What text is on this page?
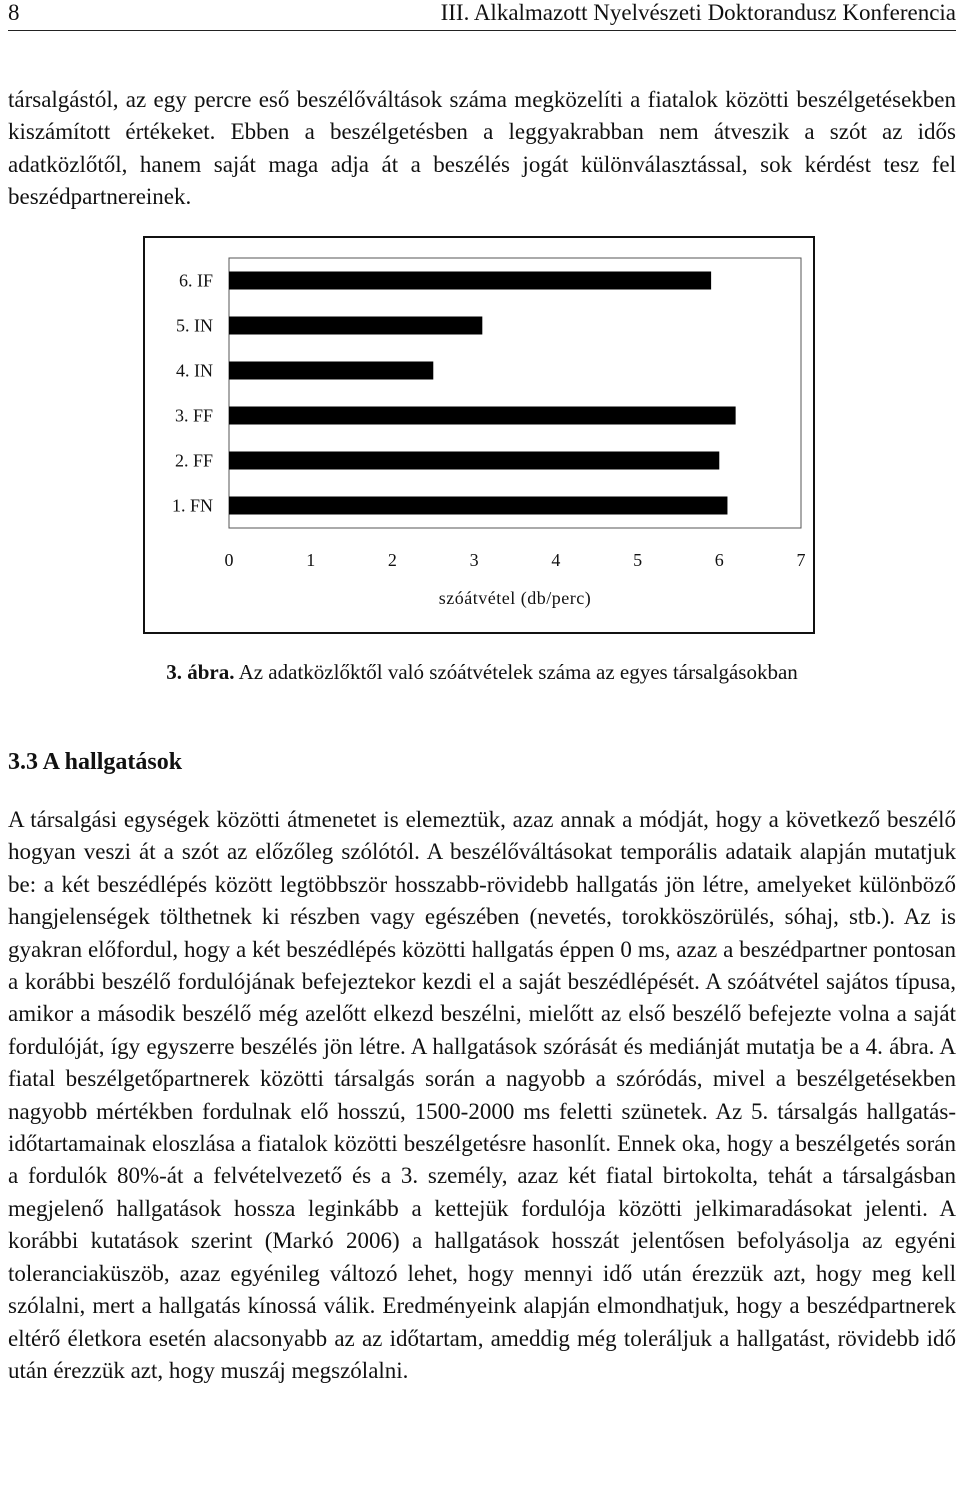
8	III. Alkalmazott Nyelvészeti Doktorandusz Konferencia

társalgástól, az egy percre eső beszélőváltások száma megközelíti a fiatalok közötti beszélgetésekben kiszámított értékeket. Ebben a beszélgetésben a leggyakrabban nem átveszik a szót az idős adatközlőtől, hanem saját maga adja át a beszélés jogát különválasztással, sok kérdést tesz fel beszédpartnereinek.

6. IF
5. IN
4. IN
3. FF
2. FF
1. FN
0	1	2	3	4	5	6	7
szóátvétel (db/perc)
3. ábra. Az adatközlőktől való szóátvételek száma az egyes társalgásokban
3.3 A hallgatások

A társalgási egységek közötti átmenetet is elemeztük, azaz annak a módját, hogy a következő beszélő hogyan veszi át a szót az előzőleg szólótól. A beszélőváltásokat temporális adataik alapján mutatjuk be: a két beszédlépés között legtöbbször hosszabb-rövidebb hallgatás jön létre, amelyeket különböző hangjelenségek tölthetnek ki részben vagy egészében (nevetés, torokköszörülés, sóhaj, stb.). Az is gyakran előfordul, hogy a két beszédlépés közötti hallgatás éppen 0 ms, azaz a beszédpartner pontosan a korábbi beszélő fordulójának befejeztekor kezdi el a saját beszédlépését. A szóátvétel sajátos típusa, amikor a második beszélő még azelőtt elkezd beszélni, mielőtt az első beszélő befejezte volna a saját fordulóját, így egyszerre beszélés jön létre. A hallgatások szórását és mediánját mutatja be a 4. ábra. A fiatal beszélgetőpartnerek közötti társalgás során a nagyobb a szóródás, mivel a beszélgetésekben nagyobb mértékben fordulnak elő hosszú, 1500-2000 ms feletti szünetek. Az 5. társalgás hallgatás-időtartamainak eloszlása a fiatalok közötti beszélgetésre hasonlít. Ennek oka, hogy a beszélgetés során a fordulók 80%-át a felvételvezető és a 3. személy, azaz két fiatal birtokolta, tehát a társalgásban megjelenő hallgatások hossza leginkább a kettejük fordulója közötti jelkimaradásokat jelenti. A korábbi kutatások szerint (Markó 2006) a hallgatások hosszát jelentősen befolyásolja az egyéni toleranciaküszöb, azaz egyénileg változó lehet, hogy mennyi idő után érezzük azt, hogy meg kell szólalni, mert a hallgatás kínossá válik. Eredményeink alapján elmondhatjuk, hogy a beszédpartnerek eltérő életkora esetén alacsonyabb az az időtartam, ameddig még toleráljuk a hallgatást, rövidebb idő után érezzük azt, hogy muszáj megszólalni.
